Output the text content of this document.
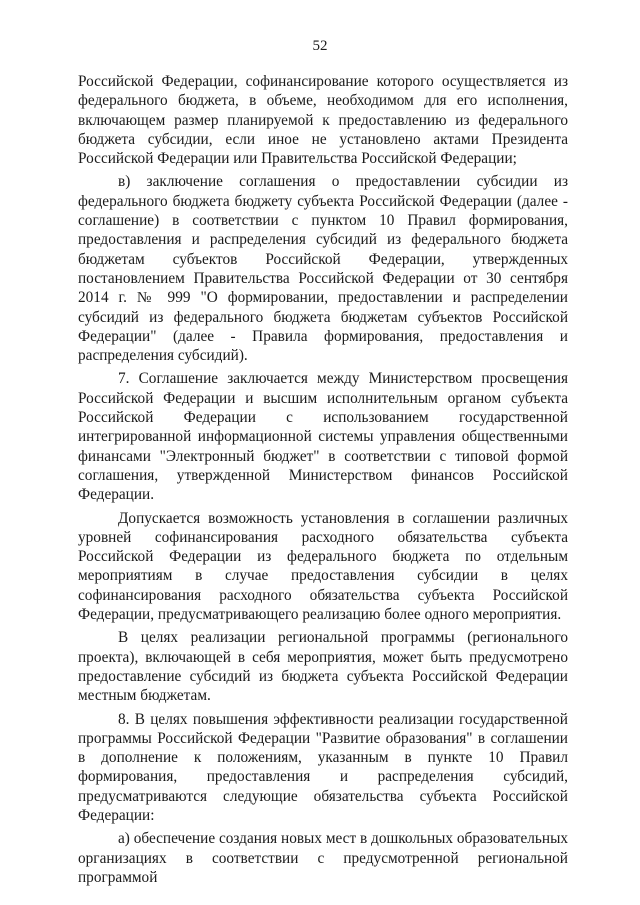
52

Российской Федерации, софинансирование которого осуществляется из федерального бюджета, в объеме, необходимом для его исполнения, включающем размер планируемой к предоставлению из федерального бюджета субсидии, если иное не установлено актами Президента Российской Федерации или Правительства Российской Федерации;

в) заключение соглашения о предоставлении субсидии из федерального бюджета бюджету субъекта Российской Федерации (далее - соглашение) в соответствии с пунктом 10 Правил формирования, предоставления и распределения субсидий из федерального бюджета бюджетам субъектов Российской Федерации, утвержденных постановлением Правительства Российской Федерации от 30 сентября 2014 г. № 999 "О формировании, предоставлении и распределении субсидий из федерального бюджета бюджетам субъектов Российской Федерации" (далее - Правила формирования, предоставления и распределения субсидий).

7. Соглашение заключается между Министерством просвещения Российской Федерации и высшим исполнительным органом субъекта Российской Федерации с использованием государственной интегрированной информационной системы управления общественными финансами "Электронный бюджет" в соответствии с типовой формой соглашения, утвержденной Министерством финансов Российской Федерации.

Допускается возможность установления в соглашении различных уровней софинансирования расходного обязательства субъекта Российской Федерации из федерального бюджета по отдельным мероприятиям в случае предоставления субсидии в целях софинансирования расходного обязательства субъекта Российской Федерации, предусматривающего реализацию более одного мероприятия.

В целях реализации региональной программы (регионального проекта), включающей в себя мероприятия, может быть предусмотрено предоставление субсидий из бюджета субъекта Российской Федерации местным бюджетам.

8. В целях повышения эффективности реализации государственной программы Российской Федерации "Развитие образования" в соглашении в дополнение к положениям, указанным в пункте 10 Правил формирования, предоставления и распределения субсидий, предусматриваются следующие обязательства субъекта Российской Федерации:

а) обеспечение создания новых мест в дошкольных образовательных организациях в соответствии с предусмотренной региональной программой
